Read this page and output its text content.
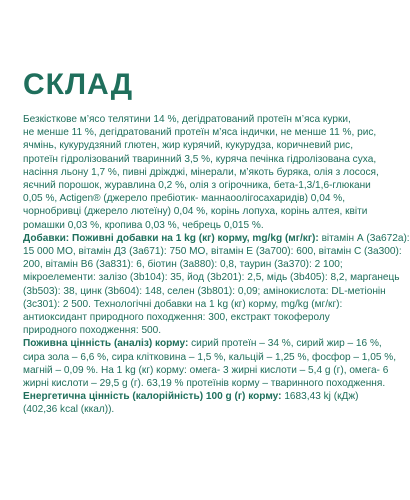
СКЛАД
Безкісткове м’ясо телятини 14 %, дегідратований протеїн м’яса курки,
не менше 11 %, дегідратований протеїн м’яса індички, не менше 11 %, рис,
ячмінь, кукурудзяний глютен, жир курячий, кукурудза, коричневий рис,
протеїн гідролізований тваринний 3,5 %, куряча печінка гідролізована суха,
насіння льону 1,7 %, пивні дріжджі, мінерали, м’якоть буряка, олія з лосося,
яєчний порошок, журавлина 0,2 %, олія з огірочника, бета-1,3/1,6-глюкани
0,05 %, Actigen® (джерело пребіотик- маннаоолігосахаридів) 0,04 %,
чорнобривці (джерело лютеїну) 0,04 %, корінь лопуха, корінь алтея, квіти
ромашки 0,03 %, кропива 0,03 %, чебрець 0,015 %.
Добавки: Поживні добавки на 1 kg (кг) корму, mg/kg (мг/кг): вітамін А (3a672a):
15 000 МО, вітамін Д3 (3a671): 750 МО, вітамін Е (3a700): 600, вітамін С (3a300):
200, вітамін В6 (3a831): 6, біотин (3a880): 0,8, таурин (3a370): 2 100;
мікроелементи: залізо (3b104): 35, йод (3b201): 2,5, мідь (3b405): 8,2, марганець
(3b503): 38, цинк (3b604): 148, селен (3b801): 0,09; амінокислота: DL-метіонін
(3c301): 2 500. Технологічні добавки на 1 kg (кг) корму, mg/kg (мг/кг):
антиоксидант природного походження: 300, екстракт токоферолу
природного походження: 500.
Поживна цінність (аналіз) корму: сирий протеїн – 34 %, сирий жир – 16 %,
сира зола – 6,6 %, сира клітковина – 1,5 %, кальцій – 1,25 %, фосфор – 1,05 %,
магній – 0,09 %. На 1 kg (кг) корму: омега- 3 жирні кислоти – 5,4 g (г), омега- 6
жирні кислоти – 29,5 g (г). 63,19 % протеїнів корму – тваринного походження.
Енергетична цінність (калорійність) 100 g (г) корму: 1683,43 kj (кДж)
(402,36 kcal (ккал)).
